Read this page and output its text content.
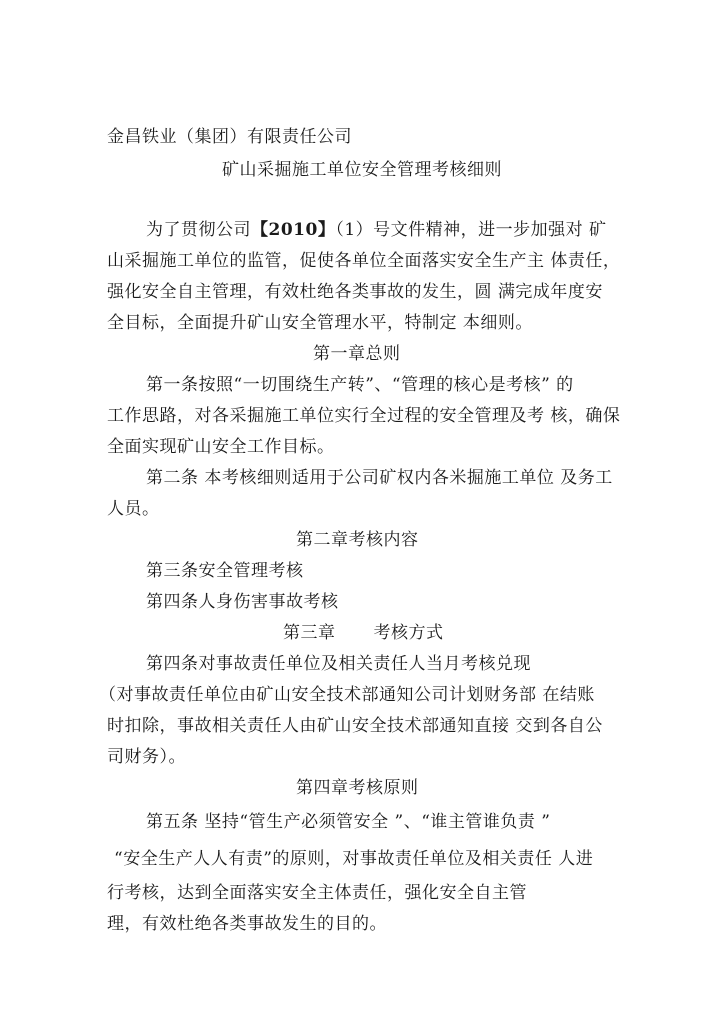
金昌铁业（集团）有限责任公司
矿山采掘施工单位安全管理考核细则
为了贯彻公司【2010】（1）号文件精神，进一步加强对 矿
山采掘施工单位的监管，促使各单位全面落实安全生产主 体责任，
强化安全自主管理，有效杜绝各类事故的发生，圆 满完成年度安
全目标，全面提升矿山安全管理水平，特制定 本细则。
第一章总则
第一条按照“一切围绕生产转”、“管理的核心是考核” 的
工作思路，对各采掘施工单位实行全过程的安全管理及考 核，确保
全面实现矿山安全工作目标。
第二条 本考核细则适用于公司矿权内各米掘施工单位 及务工
人员。
第二章考核内容
第三条安全管理考核
第四条人身伤害事故考核
第三章 考核方式
第四条对事故责任单位及相关责任人当月考核兑现
（对事故责任单位由矿山安全技术部通知公司计划财务部 在结账
时扣除，事故相关责任人由矿山安全技术部通知直接 交到各自公
司财务）。
第四章考核原则
第五条 坚持“管生产必须管安全 ”、“谁主管谁负责 ”
“安全生产人人有责”的原则，对事故责任单位及相关责任 人进
行考核，达到全面落实安全主体责任，强化安全自主管
理，有效杜绝各类事故发生的目的。
